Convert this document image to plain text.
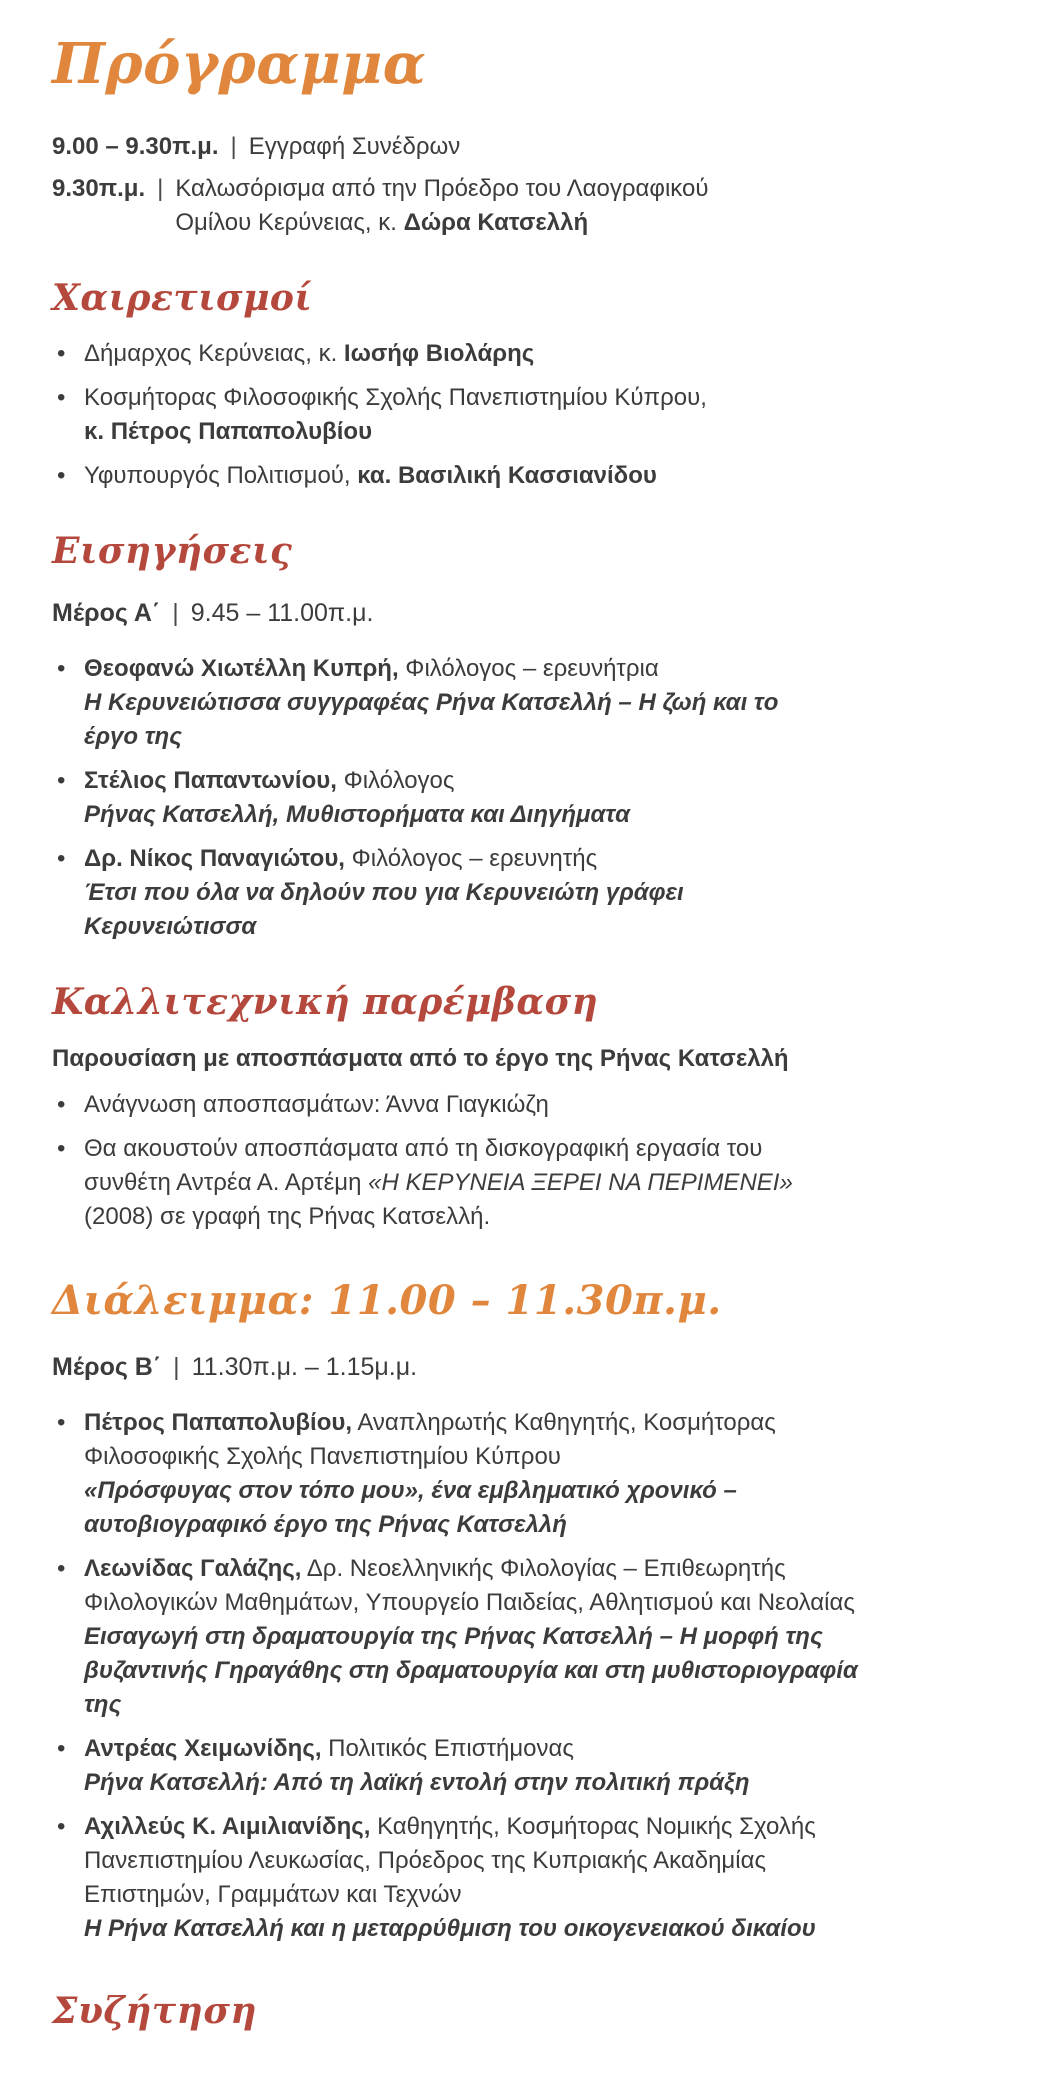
Πρόγραμμα
9.00 – 9.30π.μ. | Εγγραφή Συνέδρων
9.30π.μ. | Καλωσόρισμα από την Πρόεδρο του Λαογραφικού Ομίλου Κερύνειας, κ. Δώρα Κατσελλή
Χαιρετισμοί
• Δήμαρχος Κερύνειας, κ. Ιωσήφ Βιολάρης
• Κοσμήτορας Φιλοσοφικής Σχολής Πανεπιστημίου Κύπρου,
κ. Πέτρος Παπαπολυβίου
• Υφυπουργός Πολιτισμού, κα. Βασιλική Κασσιανίδου
Εισηγήσεις
Μέρος Α΄ | 9.45 – 11.00π.μ.
• Θεοφανώ Χιωτέλλη Κυπρή, Φιλόλογος – ερευνήτρια
Η Κερυνειώτισσα συγγραφέας Ρήνα Κατσελλή – Η ζωή και το έργο της
• Στέλιος Παπαντωνίου, Φιλόλογος
Ρήνας Κατσελλή, Μυθιστορήματα και Διηγήματα
• Δρ. Νίκος Παναγιώτου, Φιλόλογος – ερευνητής
Έτσι που όλα να δηλούν που για Κερυνειώτη γράφει Κερυνειώτισσα
Καλλιτεχνική παρέμβαση
Παρουσίαση με αποσπάσματα από το έργο της Ρήνας Κατσελλή
• Ανάγνωση αποσπασμάτων: Άννα Γιαγκιώζη
• Θα ακουστούν αποσπάσματα από τη δισκογραφική εργασία του συνθέτη Αντρέα Α. Αρτέμη «Η ΚΕΡΥΝΕΙΑ ΞΕΡΕΙ ΝΑ ΠΕΡΙΜΕΝΕΙ» (2008) σε γραφή της Ρήνας Κατσελλή.
Διάλειμμα: 11.00 – 11.30π.μ.
Μέρος Β΄ | 11.30π.μ. – 1.15μ.μ.
• Πέτρος Παπαπολυβίου, Αναπληρωτής Καθηγητής, Κοσμήτορας Φιλοσοφικής Σχολής Πανεπιστημίου Κύπρου
«Πρόσφυγας στον τόπο μου», ένα εμβληματικό χρονικό – αυτοβιογραφικό έργο της Ρήνας Κατσελλή
• Λεωνίδας Γαλάζης, Δρ. Νεοελληνικής Φιλολογίας – Επιθεωρητής Φιλολογικών Μαθημάτων, Υπουργείο Παιδείας, Αθλητισμού και Νεολαίας
Εισαγωγή στη δραματουργία της Ρήνας Κατσελλή – Η μορφή της βυζαντινής Γηραγάθης στη δραματουργία και στη μυθιστοριογραφία της
• Αντρέας Χειμωνίδης, Πολιτικός Επιστήμονας
Ρήνα Κατσελλή: Από τη λαϊκή εντολή στην πολιτική πράξη
• Αχιλλεύς Κ. Αιμιλιανίδης, Καθηγητής, Κοσμήτορας Νομικής Σχολής Πανεπιστημίου Λευκωσίας, Πρόεδρος της Κυπριακής Ακαδημίας Επιστημών, Γραμμάτων και Τεχνών
Η Ρήνα Κατσελλή και η μεταρρύθμιση του οικογενειακού δικαίου
Συζήτηση
